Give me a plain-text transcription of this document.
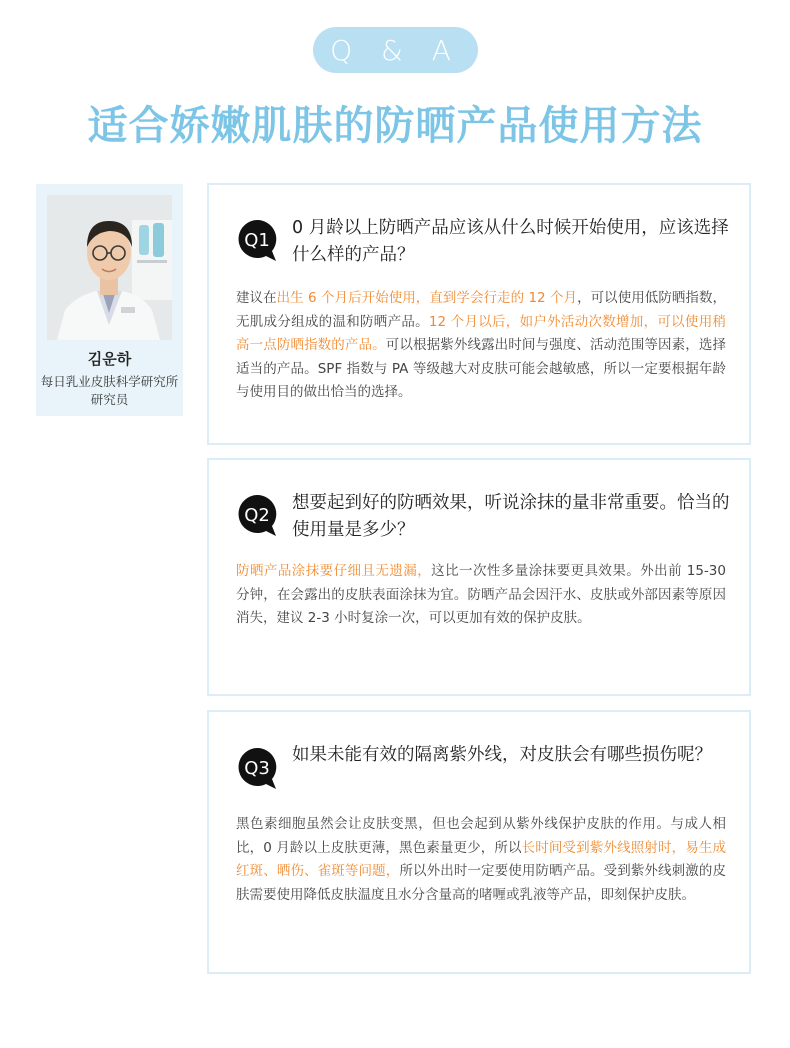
Q & A
适合娇嫩肌肤的防晒产品使用方法
김운하
每日乳业皮肤科学研究所研究员
Q1
0 月龄以上防晒产品应该从什么时候开始使用，应该选择什么样的产品？
建议在出生 6 个月后开始使用，直到学会行走的 12 个月，可以使用低防晒指数，无肌成分组成的温和防晒产品。12 个月以后，如户外活动次数增加，可以使用稍高一点防晒指数的产品。可以根据紫外线露出时间与强度、活动范围等因素，选择适当的产品。SPF 指数与 PA 等级越大对皮肤可能会越敏感，所以一定要根据年龄与使用目的做出恰当的选择。
Q2
想要起到好的防晒效果，听说涂抹的量非常重要。恰当的使用量是多少？
防晒产品涂抹要仔细且无遗漏，这比一次性多量涂抹要更具效果。外出前 15-30 分钟，在会露出的皮肤表面涂抹为宜。防晒产品会因汗水、皮肤或外部因素等原因消失，建议 2-3 小时复涂一次，可以更加有效的保护皮肤。
Q3
如果未能有效的隔离紫外线，对皮肤会有哪些损伤呢？
黑色素细胞虽然会让皮肤变黑，但也会起到从紫外线保护皮肤的作用。与成人相比，0 月龄以上皮肤更薄，黑色素量更少，所以长时间受到紫外线照射时，易生成红斑、晒伤、雀斑等问题，所以外出时一定要使用防晒产品。受到紫外线刺激的皮肤需要使用降低皮肤温度且水分含量高的啫喱或乳液等产品，即刻保护皮肤。
